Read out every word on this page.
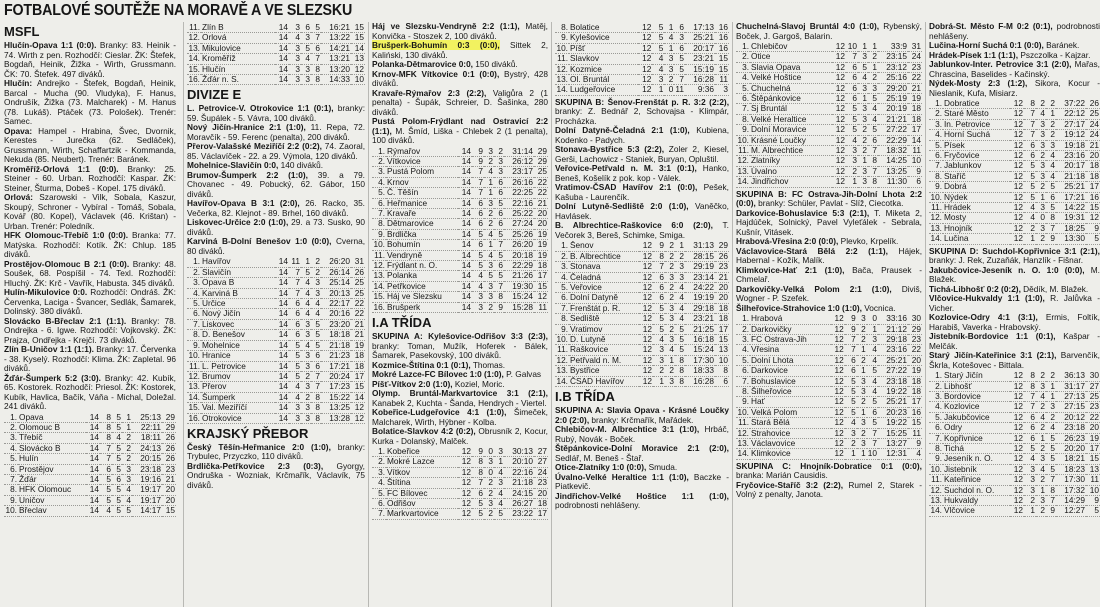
FOTBALOVÉ SOUTĚŽE NA MORAVĚ A VE SLEZSKU
MSFL

Hlučín-Opava 1:1 (0:0). Branky: 83. Heinik - 74. Wirth z pen. Rozhodčí: Cieslar. ŽK: Štefek, Bogdaň, Heinik, Žižka - Wirth, Grussmann. ČK: 70. Štefek. 497 diváků.

Hlučín: Andrejko - Štefek, Bogdaň, Heinik, Barcal - Mucha (90. Vludyka), F. Hanus, Ondrušík, Žižka (73. Malcharek) - M. Hanus (78. Lukáš). Ptáček (73. Pološek). Trenér: Samec.

Opava: Hampel - Hrabina, Švec, Dvornik, Kerestes - Jurečka (62. Sedláček), Grussmann, Wirth, Schaffartzik - Kommanda, Nekuda (85. Neubert). Trenér: Baránek.

Kroměříž-Orlová 1:1 (0:0). Branky: 25. Steiner - 60. Urban. Rozhodčí: Kaspar. ŽK: Steiner, Šturma, Dobeš - Kopel. 175 diváků.

Orlová: Szarowski - Vilk, Sobala, Kaszur, Skoupý, Schroner - Vybíral - Tomáš, Sobala, Kovář (80. Kopel), Václavek (46. Krištan) - Urban. Trenér: Poledník.

HFK Olomouc-Třebíč 1:0 (0:0). Branka: 77. Matýska. Rozhodčí: Kotík. ŽK: Chlup. 185 diváků.

Prostějov-Olomouc B 2:1 (0:0). Branky: 48. Soušek, 68. Pospíšil - 74. Texl. Rozhodčí: Hluchý. ŽK: Krč - Vavřík, Habusta. 345 diváků.

Hulín-Mikulovice 0:0. Rozhodčí: Ondráš. ŽK: Červenka, Laciga - Švancer, Sedlák, Šamarek, Dolinský. 380 diváků.

Slovácko B-Břeclav 2:1 (1:1). Branky: 78. Ondrejka - 6. Igwe. Rozhodčí: Vojkovský. ŽK: Prajza, Ondřejka - Krejčí. 73 diváků.

Zlín B-Uničov 1:1 (1:1). Branky: 17. Červenka - 38. Kyselý. Rozhodčí: Klima. ŽK: Zapletal. 96 diváků.

Žďár-Šumperk 5:2 (3:0). Branky: 42. Kubík, 65. Kostorek. Rozhodčí: Priesol. ŽK: Kostorek, Kubík, Havlica, Bačík, Váňa - Michal, Doležal. 241 diváků.

1.	Opava	14	8	5	1	25:13	29
2.	Olomouc B	14	8	5	1	22:11	29
3.	Třebíč	14	8	4	2	18:11	26
4.	Slovácko B	14	7	5	2	24:13	26
5.	Hulín	14	7	5	2	20:15	26
6.	Prostějov	14	6	5	3	23:18	23
7.	Žďár	14	5	6	3	19:16	21
8.	HFK Olomouc	14	5	5	4	19:17	20
9.	Uničov	14	5	5	4	19:17	20
10.	Břeclav	14	4	5	5	14:17	15
11.	Zlín B	14	3	6	5	16:21	15
12.	Orlová	14	4	3	7	13:22	15
13.	Mikulovice	14	3	5	6	14:21	14
14.	Kroměříž	14	3	4	7	13:21	13
15.	Hlučín	14	3	3	8	13:20	12
16.	Žďár n. S.	14	3	3	8	14:33	10
DIVIZE E

L. Petrovice-V. Otrokovice 1:1 (0:1), branky: 59. Šupálek - 5. Vávra, 100 diváků.

Nový Jičín-Hranice 2:1 (1:0), 11. Repa, 72. Moravčík - 59. Ferenc (penalta), 200 diváků.

Přerov-Valašské Meziříčí 2:2 (0:2), 74. Zaoral, 85. Václavíček - 22. a 29. Výmola, 120 diváků.

Mohelnice-Slavičín 0:0, 140 diváků.

Brumov-Šumperk 2:2 (1:0), 39. a 79. Chovanec - 49. Pobucký, 62. Gábor, 150 diváků.

Havířov-Opava B 3:1 (2:0), 26. Racko, 35. Večerka, 82. Klejnot - 89. Brhel, 160 diváků.

Liskovec-Určice 2:0 (1:0), 29. a 73. Susko, 90 diváků.

Karviná B-Dolní Benešov 1:0 (0:0), Cverna, 80 diváků.

1.	Havířov	14	11	1	2	26:20	31
2.	Slavičín	14	7	5	2	26:14	26
3.	Opava B	14	7	4	3	25:14	25
4.	Karviná B	14	7	4	3	20:13	25
5.	Určice	14	6	4	4	22:17	22
6.	Nový Jičín	14	6	4	4	20:16	22
7.	Liskovec	14	6	3	5	23:20	21
8.	D. Benešov	14	6	3	5	18:18	21
9.	Mohelnice	14	5	4	5	21:18	19
10.	Hranice	14	5	3	6	21:23	18
11.	L. Petrovice	14	5	3	6	17:21	18
12.	Brumov	14	5	2	7	20:24	17
13.	Přerov	14	4	3	7	17:23	15
14.	Šumperk	14	4	2	8	15:22	14
15.	Val. Meziříčí	14	3	3	8	13:25	12
16.	Otrokovice	14	3	3	8	13:28	12
KRAJSKÝ PŘEBOR

Český Těšín-Heřmanice 2:0 (1:0), branky: Trybulec, Przyczko, 110 diváků.

Brdlička-Petřkovice 2:3 (0:3), Gyorgy, Ondruška - Wozniak, Krčmařík, Václavík, 75 diváků.

Háj ve Slezsku-Vendryně 2:2 (1:1), Matěj, Konvička - Stoszek 2, 100 diváků.

Brušperk-Bohumín 0:3 (0:0), Sittek 2, Kaliński, 130 diváků.

Polanka-Dětmarovice 0:0, 150 diváků.

Krnov-MFK Vítkovice 0:1 (0:0), Bystrý, 428 diváků.

Kravaře-Rýmařov 2:3 (2:2), Valigůra 2 (1 penalta) - Šupák, Schreier, D. Šašinka, 280 diváků.

Pustá Polom-Frýdlant nad Ostravicí 2:2 (1:1), M. Šmíd, Liška - Chlebek 2 (1 penalta), 100 diváků.

1.	Rýmařov	14	9	3	2	31:14	29
2.	Vítkovice	14	9	2	3	26:12	29
3.	Pustá Polom	14	7	4	3	23:17	25
4.	Krnov	14	7	1	6	26:16	22
5.	Č. Těšín	14	7	1	6	22:25	22
6.	Heřmanice	14	6	3	5	22:16	21
7.	Kravaře	14	6	2	6	25:22	20
8.	Dětmarovice	14	6	2	6	27:24	20
9.	Brdlička	14	5	4	5	25:26	19
10.	Bohumín	14	6	1	7	26:20	19
11.	Vendryně	14	5	4	5	20:18	19
12.	Frýdlant n. O.	14	5	3	6	22:29	18
13.	Polanka	14	4	5	5	21:26	17
14.	Petřkovice	14	4	3	7	19:30	15
15.	Háj ve Slezsku	14	3	3	8	15:24	12
16.	Brušperk	14	3	2	9	15:28	11
I.A TŘÍDA

SKUPINA A: Kylešovice-Odřišov 3:3 (2:3), branky: Toman, Mužík, Hoferek - Bálek, Šamarek, Pasekovský, 100 diváků.

Kozmice-Štítina 0:1 (0:1), Thomas.

Mokré Lazce-FC Bílovec 1:0 (1:0), P. Galvas

Píšť-Vítkov 2:0 (1:0), Koziel, Moric.

Olymp. Bruntál-Markvartovice 3:1 (2:1), Kanabek 2, Kuchta - Šanda, Hendrych - Viertel.

Kobeřice-Ludgeřovice 4:1 (1:0), Šimeček, Malcharek, Wirth, Hýbner - Kolba.

Bolatice-Slavkov 4:2 (0:2), Obrusník 2, Kocur, Kurka - Dolanský, Malček.

1.	Kobeřice	12	9	0	3	30:13	27
2.	Mokré Lazce	12	8	3	1	20:10	27
3.	Vítkov	12	8	0	4	22:16	24
4.	Štítina	12	7	2	3	21:18	23
5.	FC Bílovec	12	6	2	4	24:15	20
6.	Odřišov	12	5	3	4	26:27	18
7.	Markvartovice	12	5	2	5	23:22	17
8.	Bolatice	12	5	1	6	17:13	16
9.	Kylešovice	12	5	4	3	25:21	16
10.	Píšť	12	5	1	6	20:17	16
11.	Slavkov	12	4	3	5	23:21	15
12.	Kozmice	12	4	3	5	15:19	15
13.	Ol. Bruntál	12	3	2	7	16:28	11
14.	Ludgeřovice	12	1	0	11	9:36	3

SKUPINA B: Šenov-Frenštát p. R. 3:2 (2:2), branky: Z. Bednář 2, Schovajsa - Klimpár, Procházka.

Dolní Datyně-Čeladná 2:1 (1:0), Kubiena, Kodenko - Padych.

Stonava-Bystřice 5:3 (2:2), Zoler 2, Kiesel, Gerši, Lachowicz - Staniek, Buryan, Opluštil.

Veřovice-Petřvald n. M. 3:1 (0:1), Hanko, Beneš, Košelík z pok. kop - Válek.

Vratimov-ČSAD Havířov 2:1 (0:0), Pešek, Kašuba - Laurenčík.

Dolní Lutyně-Sedliště 2:0 (1:0), Vaněčko, Havlásek.

B. Albrechtice-Raškovice 6:0 (2:0), T. Večorek 3, Bereš, Schimke, Smiga.

1.	Šenov	12	9	2	1	31:13	29
2.	B. Albrechtice	12	8	2	2	28:15	26
3.	Stonava	12	7	2	3	29:19	23
4.	Čeladná	12	6	3	3	23:14	21
5.	Veřovice	12	6	2	4	24:22	20
6.	Dolní Datyně	12	6	2	4	19:19	20
7.	Frenštát p. R.	12	5	3	4	29:18	18
8.	Sedliště	12	5	3	4	23:21	18
9.	Vratimov	12	5	2	5	21:25	17
10.	D. Lutyně	12	4	3	5	16:18	15
11.	Raškovice	12	3	4	5	15:24	13
12.	Petřvald n. M.	12	3	1	8	17:30	10
13.	Bystřice	12	2	2	8	18:33	8
14.	ČSAD Havířov	12	1	3	8	16:28	6
I.B TŘÍDA

SKUPINA A: Slavia Opava - Krásné Loučky 2:0 (2:0), branky: Krčmařík, Mařádek.

Chlebičov-M. Albrechtice 3:1 (1:0), Hrbáč, Rubý, Novák - Boček.

Štěpánkovice-Dolní Moravice 2:1 (2:0), Sedlář, M. Beneš - Štař.

Otice-Zlatníky 1:0 (0:0), Smuda.

Úvalno-Velké Heraltice 1:1 (1:0), Baczke - Piatkevič.

Jindřichov-Velké Hoštice 1:1 (1:0), podrobnosti nehlášeny.

Chuchelná-Slavoj Bruntál 4:0 (1:0), Rybenský, Boček, J. Gargoš, Balarin.

1.	Chlebičov	12	10	1	1	33:9	31
2.	Otice	12	7	3	2	23:15	24
3.	Slavia Opava	12	6	5	1	23:12	23
4.	Velké Hoštice	12	6	4	2	25:16	22
5.	Chuchelná	12	6	3	3	29:20	21
6.	Štěpánkovice	12	6	1	5	25:19	19
7.	Sj Bruntál	12	5	3	4	20:19	18
8.	Velké Heraltice	12	5	3	4	21:21	18
9.	Dolní Moravice	12	5	2	5	27:22	17
10.	Krásné Loučky	12	4	2	6	22:29	14
11.	M. Albrechtice	12	3	2	7	18:32	11
12.	Zlatníky	12	3	1	8	14:25	10
13.	Úvalno	12	2	3	7	13:25	9
14.	Jindřichov	12	1	3	8	11:30	6

SKUPINA B: FC Ostrava-Jih-Dolní Lhota 2:2 (0:0), branky: Schüler, Pavlat - Slíž, Ciecotka.

Darkovice-Bohuslavice 5:3 (2:1), T. Miketa 2, Hajdúček, Solnický, Pavel Vyleťálek - Sebrala, Kušnír, Vitásek.

Hrabová-Vřesina 2:0 (0:0), Plevko, Krpelík.

Václavovice-Stará Bělá 2:2 (1:1), Hájek, Habernal - Kožík, Malík.

Klimkovice-Hať 2:1 (1:0), Bača, Prausek - Chmelař.

Darkovičky-Velká Polom 2:1 (1:0), Diviš, Wogner - P. Szefek.

Šilheřovice-Strahovice 1:0 (1:0), Vocnica.

1.	Hrabová	12	9	3	0	33:16	30
2.	Darkovičky	12	9	2	1	21:12	29
3.	FC Ostrava-Jih	12	7	2	3	29:18	23
4.	Vřesina	12	7	1	4	23:16	22
5.	Dolní Lhota	12	6	2	4	25:21	20
6.	Darkovice	12	6	1	5	27:22	19
7.	Bohuslavice	12	5	3	4	23:18	18
8.	Šilheřovice	12	5	3	4	19:22	18
9.	Hať	12	5	2	5	25:21	17
10.	Velká Polom	12	5	1	6	20:23	16
11.	Stará Bělá	12	4	3	5	19:22	15
12.	Strahovice	12	3	2	7	15:25	11
13.	Václavovice	12	2	3	7	13:27	9
14.	Klimkovice	12	1	1	10	12:31	4

SKUPINA C: Hnojník-Dobratice 0:1 (0:0), branka: Marián Causidis.

Fryčovice-Staříč 3:2 (2:2), Rumel 2, Starek - Volný z penalty, Janota.

Dobrá-St. Město F-M 0:2 (0:1), podrobnosti nehlášeny.

Lučina-Horní Suchá 0:1 (0:0), Baránek.

Hrádek-Písek 1:1 (1:1), Pszczolka - Kajzar.

Jablunkov-Inter. Petrovice 3:1 (2:0), Mařas, Chrascina, Baselides - Kačinský.

Nýdek-Mosty 2:3 (1:2), Sikora, Kocur - Nieslanik, Kufa, Misiarz.

1.	Dobratice	12	8	2	2	37:22	26
2.	Staré Město	12	7	4	1	22:12	25
3.	In. Petrovice	12	7	3	2	27:17	24
4.	Horní Suchá	12	7	3	2	19:12	24
5.	Písek	12	6	3	3	19:18	21
6.	Fryčovice	12	6	2	4	23:16	20
7.	Jablunkov	12	5	3	4	20:17	18
8.	Staříč	12	5	3	4	21:18	18
9.	Dobrá	12	5	2	5	25:21	17
10.	Nýdek	12	5	1	6	17:21	16
11.	Hrádek	12	4	3	5	14:22	15
12.	Mosty	12	4	0	8	19:31	12
13.	Hnojník	12	2	3	7	18:25	9
14.	Lučina	12	1	2	9	13:30	5

SKUPINA D: Suchdol-Kopřivnice 3:1 (2:1), branky: J. Rek, Zuzaňák, Hanzlík - Fišnar.

Jakubčovice-Jeseník n. O. 1:0 (0:0), M. Blažek.

Tichá-Libhošť 0:2 (0:2), Dědík, M. Blažek.

Vlčovice-Hukvaldy 1:1 (1:0), R. Jalůvka - Vicher.

Kozlovice-Odry 4:1 (3:1), Ermis, Foltík, Harabiš, Vaverka - Hrabovský.

Jistebník-Bordovice 1:1 (0:1), Kašpar - Melčák.

Starý Jičín-Kateřinice 3:1 (2:1), Barvenčík, Škrla, Kotešovec - Bittala.

1.	Starý Jičín	12	8	2	2	36:13	30
2.	Libhošť	12	8	3	1	31:17	27
3.	Bordovice	12	7	4	1	27:13	25
4.	Kozlovice	12	7	2	3	27:15	23
5.	Jakubčovice	12	6	4	2	20:12	22
6.	Odry	12	6	2	4	23:18	20
7.	Kopřivnice	12	6	1	5	26:23	19
8.	Tichá	12	5	2	5	20:20	17
9.	Jeseník n. O.	12	4	3	5	18:21	15
10.	Jistebník	12	3	4	5	18:23	13
11.	Kateřinice	12	3	2	7	17:30	11
12.	Suchdol n. O.	12	3	1	8	17:32	10
13.	Hukvaldy	12	2	3	7	14:29	9
14.	Vlčovice	12	1	2	9	12:27	5
